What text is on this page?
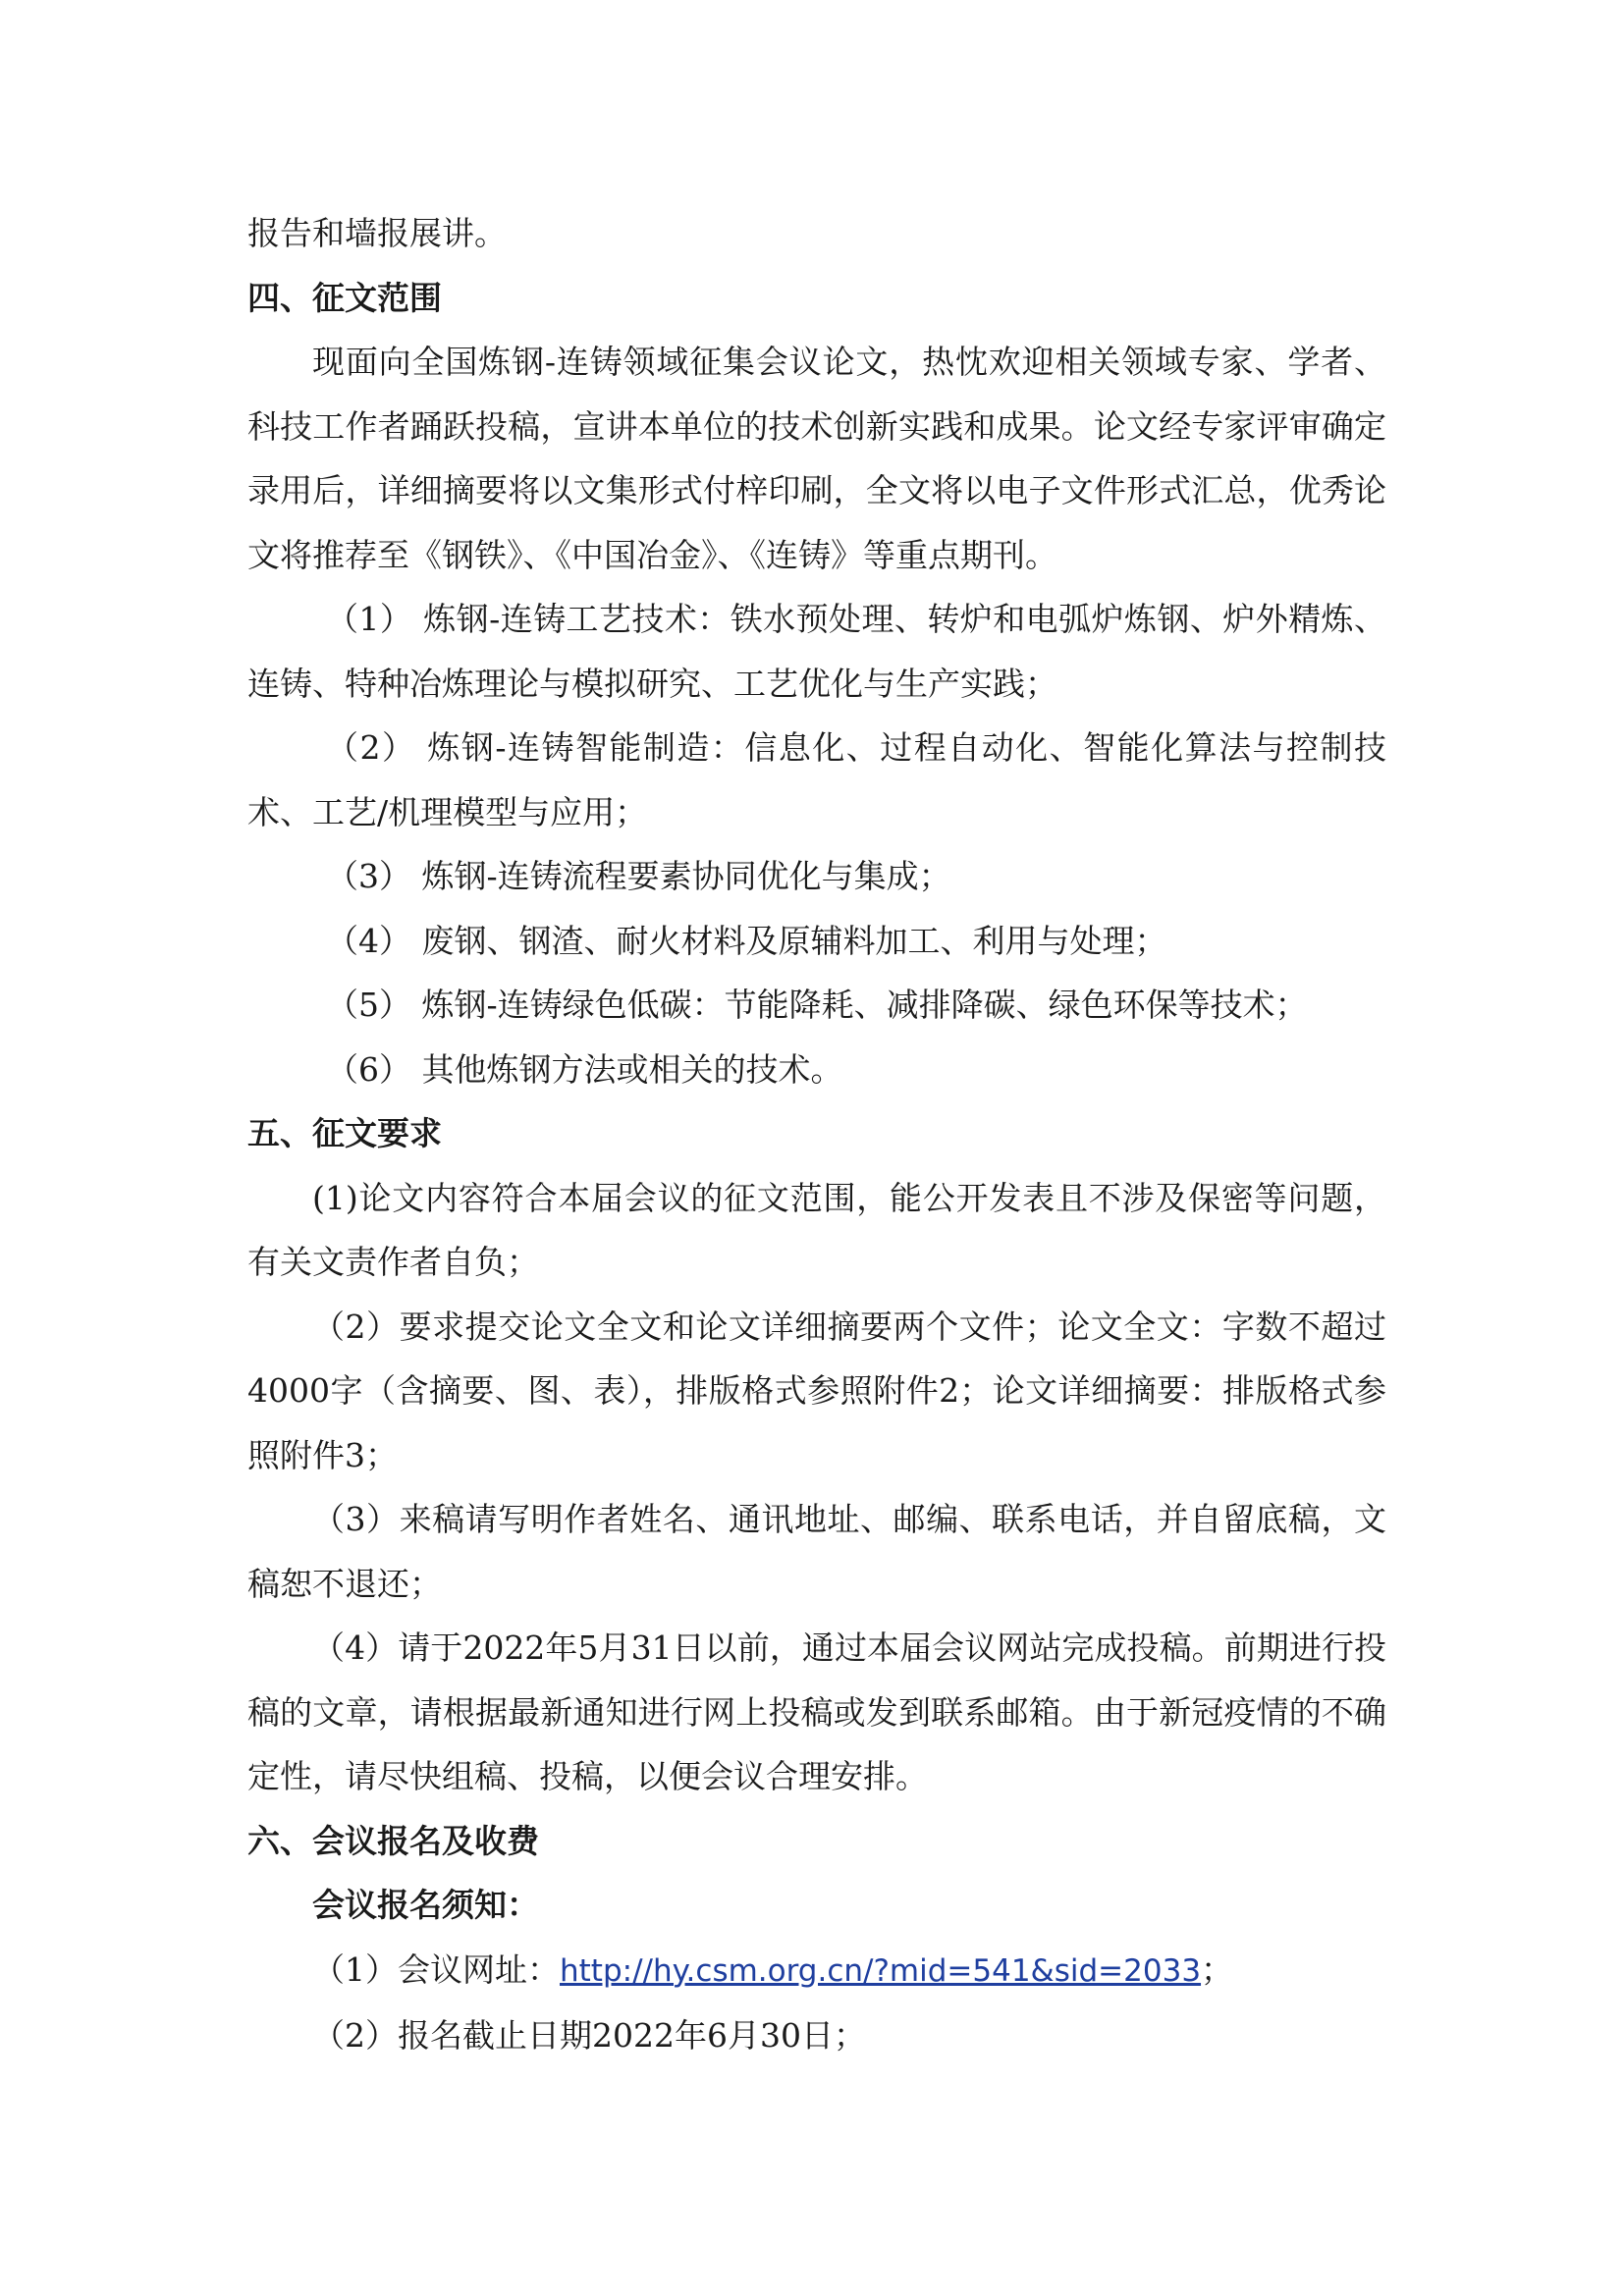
报告和墙报展讲。

四、征文范围

现面向全国炼钢-连铸领域征集会议论文，热忱欢迎相关领域专家、学者、科技工作者踊跃投稿，宣讲本单位的技术创新实践和成果。论文经专家评审确定录用后，详细摘要将以文集形式付梓印刷，全文将以电子文件形式汇总，优秀论文将推荐至《钢铁》、《中国冶金》、《连铸》等重点期刊。

（1） 炼钢-连铸工艺技术：铁水预处理、转炉和电弧炉炼钢、炉外精炼、连铸、特种冶炼理论与模拟研究、工艺优化与生产实践；

（2） 炼钢-连铸智能制造：信息化、过程自动化、智能化算法与控制技术、工艺/机理模型与应用；

（3） 炼钢-连铸流程要素协同优化与集成；

（4） 废钢、钢渣、耐火材料及原辅料加工、利用与处理；

（5） 炼钢-连铸绿色低碳：节能降耗、减排降碳、绿色环保等技术；

（6） 其他炼钢方法或相关的技术。

五、征文要求

(1)论文内容符合本届会议的征文范围，能公开发表且不涉及保密等问题，有关文责作者自负；

（2）要求提交论文全文和论文详细摘要两个文件；论文全文：字数不超过4000字（含摘要、图、表），排版格式参照附件2；论文详细摘要：排版格式参照附件3；

（3）来稿请写明作者姓名、通讯地址、邮编、联系电话，并自留底稿，文稿恕不退还；

（4）请于2022年5月31日以前，通过本届会议网站完成投稿。前期进行投稿的文章，请根据最新通知进行网上投稿或发到联系邮箱。由于新冠疫情的不确定性，请尽快组稿、投稿，以便会议合理安排。

六、会议报名及收费

会议报名须知：

（1）会议网址：http://hy.csm.org.cn/?mid=541&sid=2033；

（2）报名截止日期2022年6月30日；
